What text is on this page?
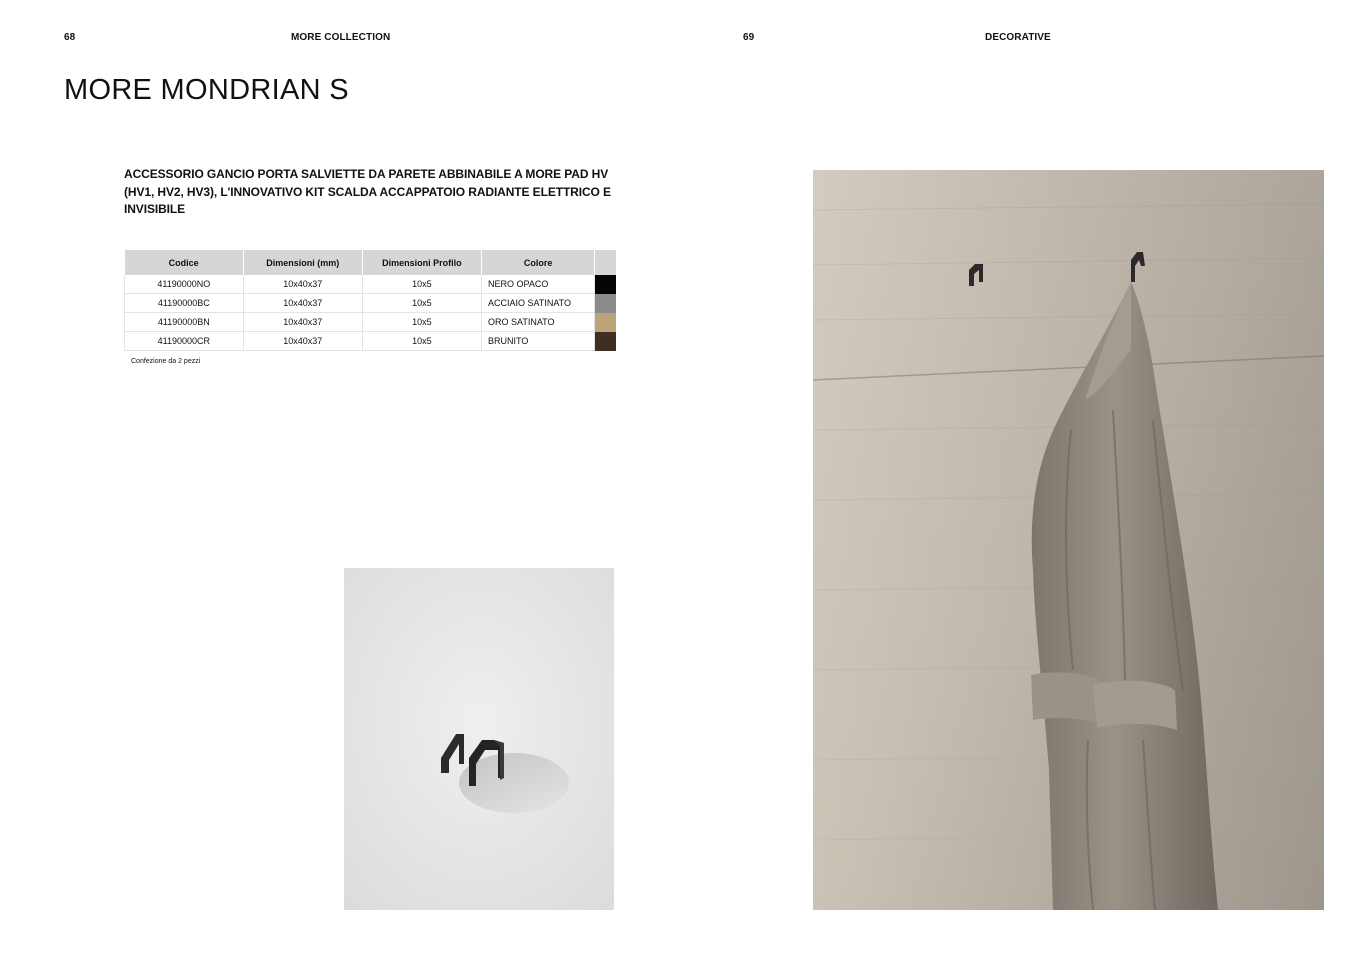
68	MORE COLLECTION	69	DECORATIVE
MORE MONDRIAN S
ACCESSORIO GANCIO PORTA SALVIETTE DA PARETE ABBINABILE A MORE PAD HV (HV1, HV2, HV3), L'INNOVATIVO KIT SCALDA ACCAPPATOIO RADIANTE ELETTRICO E INVISIBILE
Codice	Dimensioni (mm)	Dimensioni Profilo	Colore	
41190000NO	10x40x37	10x5	NERO OPACO	
41190000BC	10x40x37	10x5	ACCIAIO SATINATO	
41190000BN	10x40x37	10x5	ORO SATINATO	
41190000CR	10x40x37	10x5	BRUNITO	
Confezione da 2 pezzi
